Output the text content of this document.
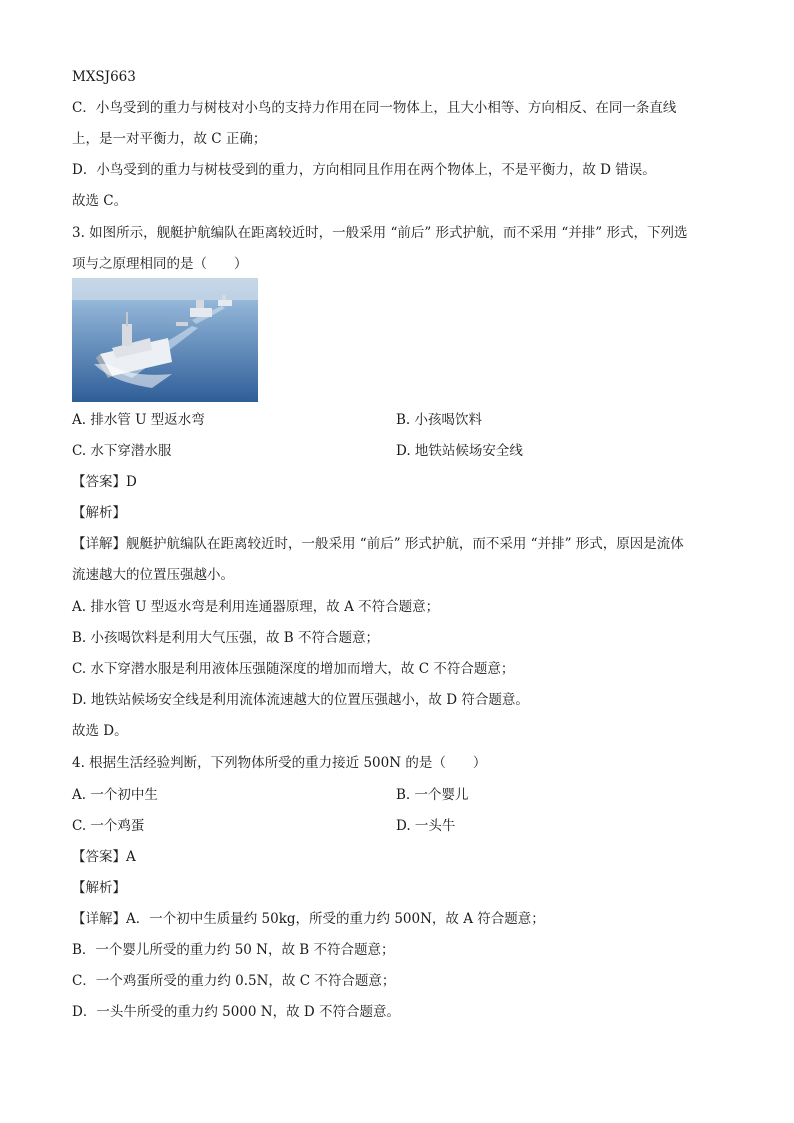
MXSJ663
C．小鸟受到的重力与树枝对小鸟的支持力作用在同一物体上，且大小相等、方向相反、在同一条直线
上，是一对平衡力，故 C 正确；
D．小鸟受到的重力与树枝受到的重力，方向相同且作用在两个物体上，不是平衡力，故 D 错误。
故选 C。
3. 如图所示，舰艇护航编队在距离较近时，一般采用 “前后” 形式护航，而不采用 “并排” 形式，下列选
项与之原理相同的是（　　）
A. 排水管 U 型返水弯	B. 小孩喝饮料
C. 水下穿潜水服	D. 地铁站候场安全线
【答案】D
【解析】
【详解】舰艇护航编队在距离较近时，一般采用 “前后” 形式护航，而不采用 “并排” 形式，原因是流体
流速越大的位置压强越小。
A. 排水管 U 型返水弯是利用连通器原理，故 A 不符合题意；
B. 小孩喝饮料是利用大气压强，故 B 不符合题意；
C. 水下穿潜水服是利用液体压强随深度的增加而增大，故 C 不符合题意；
D. 地铁站候场安全线是利用流体流速越大的位置压强越小，故 D 符合题意。
故选 D。
4. 根据生活经验判断，下列物体所受的重力接近 500N 的是（　　）
A. 一个初中生	B. 一个婴儿
C. 一个鸡蛋	D. 一头牛
【答案】A
【解析】
【详解】A．一个初中生质量约 50kg，所受的重力约 500N，故 A 符合题意；
B．一个婴儿所受的重力约 50 N，故 B 不符合题意；
C．一个鸡蛋所受的重力约 0.5N，故 C 不符合题意；
D．一头牛所受的重力约 5000 N，故 D 不符合题意。
